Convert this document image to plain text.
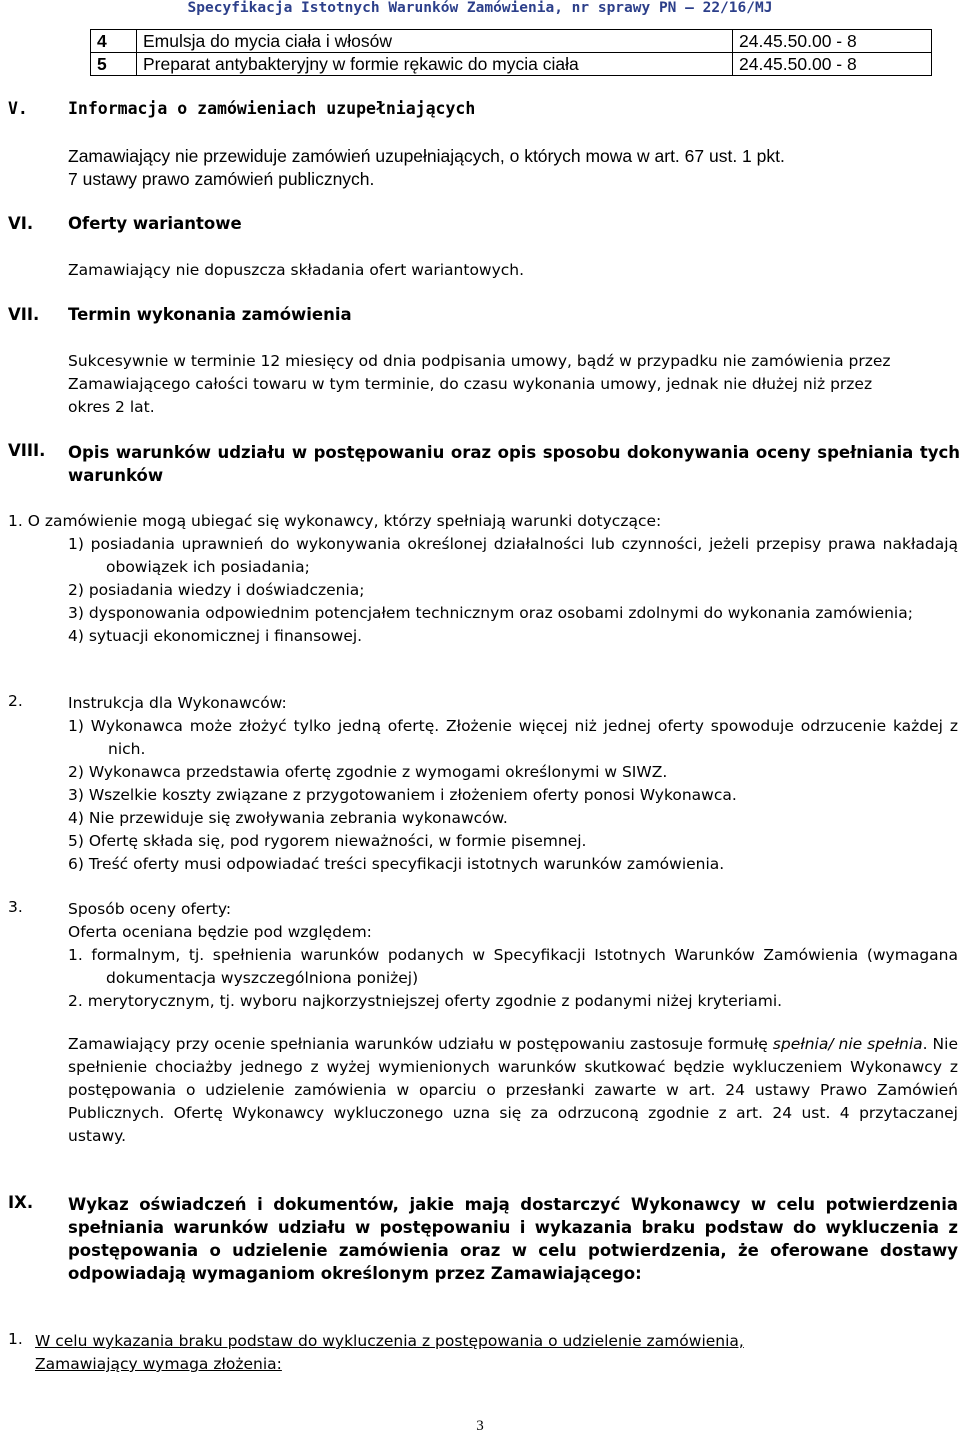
Specyfikacja Istotnych Warunków Zamówienia, nr sprawy PN – 22/16/MJ
4	Emulsja do mycia ciała i włosów	24.45.50.00 - 8
5	Preparat antybakteryjny w formie rękawic do mycia ciała	24.45.50.00 - 8
V. Informacja o zamówieniach uzupełniających

Zamawiający nie przewiduje zamówień uzupełniających, o których mowa w art. 67 ust. 1 pkt.

7 ustawy prawo zamówień publicznych.

VI. Oferty wariantowe
Zamawiający nie dopuszcza składania ofert wariantowych.
VII. Termin wykonania zamówienia
Sukcesywnie w terminie 12 miesięcy od dnia podpisania umowy, bądź w przypadku nie zamówienia przez Zamawiającego całości towaru w tym terminie, do czasu wykonania umowy, jednak nie dłużej niż przez okres 2 lat.
VIII. Opis warunków udziału w postępowaniu oraz opis sposobu dokonywania oceny spełniania tych warunków
1. O zamówienie mogą ubiegać się wykonawcy, którzy spełniają warunki dotyczące:
1) posiadania uprawnień do wykonywania określonej działalności lub czynności, jeżeli przepisy prawa nakładają obowiązek ich posiadania;
2) posiadania wiedzy i doświadczenia;
3) dysponowania odpowiednim potencjałem technicznym oraz osobami zdolnymi do wykonania zamówienia;
4) sytuacji ekonomicznej i finansowej.
2.	Instrukcja dla Wykonawców:
1) Wykonawca może złożyć tylko jedną ofertę. Złożenie więcej niż jednej oferty spowoduje odrzucenie każdej z nich.
2) Wykonawca przedstawia ofertę zgodnie z wymogami określonymi w SIWZ.
3) Wszelkie koszty związane z przygotowaniem i złożeniem oferty ponosi Wykonawca.
4) Nie przewiduje się zwoływania zebrania wykonawców.
5) Ofertę składa się, pod rygorem nieważności, w formie pisemnej.
6) Treść oferty musi odpowiadać treści specyfikacji istotnych warunków zamówienia.
3.	Sposób oceny oferty:

Oferta oceniana będzie pod względem:

1. formalnym, tj. spełnienia warunków podanych w Specyfikacji Istotnych Warunków Zamówienia (wymagana dokumentacja wyszczególniona poniżej)
2. merytorycznym, tj. wyboru najkorzystniejszej oferty zgodnie z podanymi niżej kryteriami.
Zamawiający przy ocenie spełniania warunków udziału w postępowaniu zastosuje formułę spełnia/ nie spełnia. Nie spełnienie chociażby jednego z wyżej wymienionych warunków skutkować będzie wykluczeniem Wykonawcy z postępowania o udzielenie zamówienia w oparciu o przesłanki zawarte w art. 24 ustawy Prawo Zamówień Publicznych. Ofertę Wykonawcy wykluczonego uzna się za odrzuconą zgodnie z art. 24 ust. 4 przytaczanej ustawy.
IX. Wykaz oświadczeń i dokumentów, jakie mają dostarczyć Wykonawcy w celu potwierdzenia spełniania warunków udziału w postępowaniu i wykazania braku podstaw do wykluczenia z postępowania o udzielenie zamówienia oraz w celu potwierdzenia, że oferowane dostawy odpowiadają wymaganiom określonym przez Zamawiającego:
1. W celu wykazania braku podstaw do wykluczenia z postępowania o udzielenie zamówienia,

Zamawiający wymaga złożenia:

3
